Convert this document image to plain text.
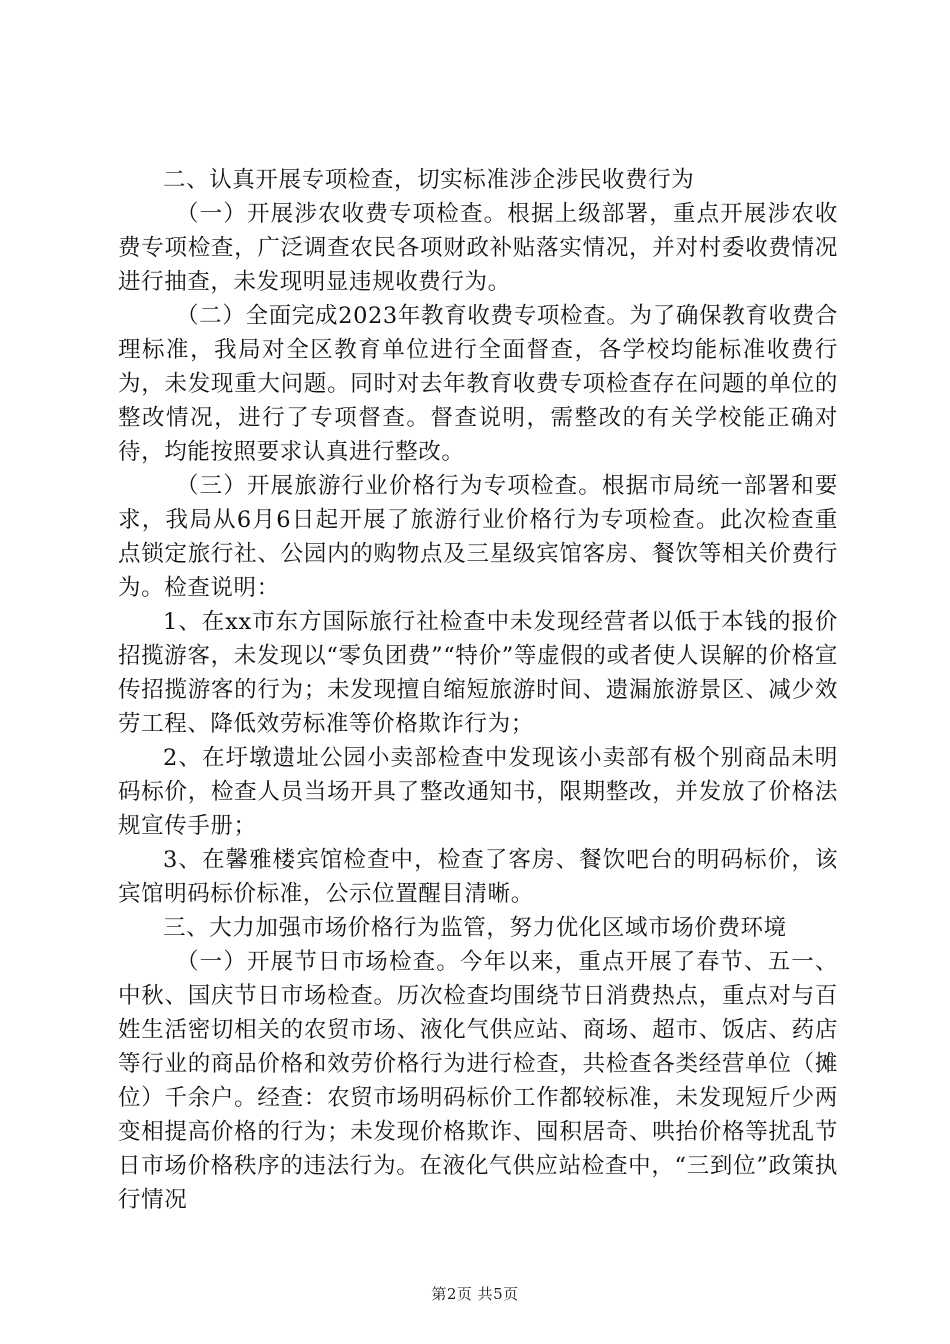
二、认真开展专项检查，切实标准涉企涉民收费行为

（一）开展涉农收费专项检查。根据上级部署，重点开展涉农收费专项检查，广泛调查农民各项财政补贴落实情况，并对村委收费情况进行抽查，未发现明显违规收费行为。

（二）全面完成2023年教育收费专项检查。为了确保教育收费合理标准，我局对全区教育单位进行全面督查，各学校均能标准收费行为，未发现重大问题。同时对去年教育收费专项检查存在问题的单位的整改情况，进行了专项督查。督查说明，需整改的有关学校能正确对待，均能按照要求认真进行整改。

（三）开展旅游行业价格行为专项检查。根据市局统一部署和要求，我局从6月6日起开展了旅游行业价格行为专项检查。此次检查重点锁定旅行社、公园内的购物点及三星级宾馆客房、餐饮等相关价费行为。检查说明：

1、在xx市东方国际旅行社检查中未发现经营者以低于本钱的报价招揽游客，未发现以“零负团费”“特价”等虚假的或者使人误解的价格宣传招揽游客的行为；未发现擅自缩短旅游时间、遗漏旅游景区、减少效劳工程、降低效劳标准等价格欺诈行为；

2、在圩墩遗址公园小卖部检查中发现该小卖部有极个别商品未明码标价，检查人员当场开具了整改通知书，限期整改，并发放了价格法规宣传手册；

3、在馨雅楼宾馆检查中，检查了客房、餐饮吧台的明码标价，该宾馆明码标价标准，公示位置醒目清晰。

三、大力加强市场价格行为监管，努力优化区域市场价费环境

（一）开展节日市场检查。今年以来，重点开展了春节、五一、中秋、国庆节日市场检查。历次检查均围绕节日消费热点，重点对与百姓生活密切相关的农贸市场、液化气供应站、商场、超市、饭店、药店等行业的商品价格和效劳价格行为进行检查，共检查各类经营单位（摊位）千余户。经查：农贸市场明码标价工作都较标准，未发现短斤少两变相提高价格的行为；未发现价格欺诈、囤积居奇、哄抬价格等扰乱节日市场价格秩序的违法行为。在液化气供应站检查中，“三到位”政策执行情况

第2页 共5页
